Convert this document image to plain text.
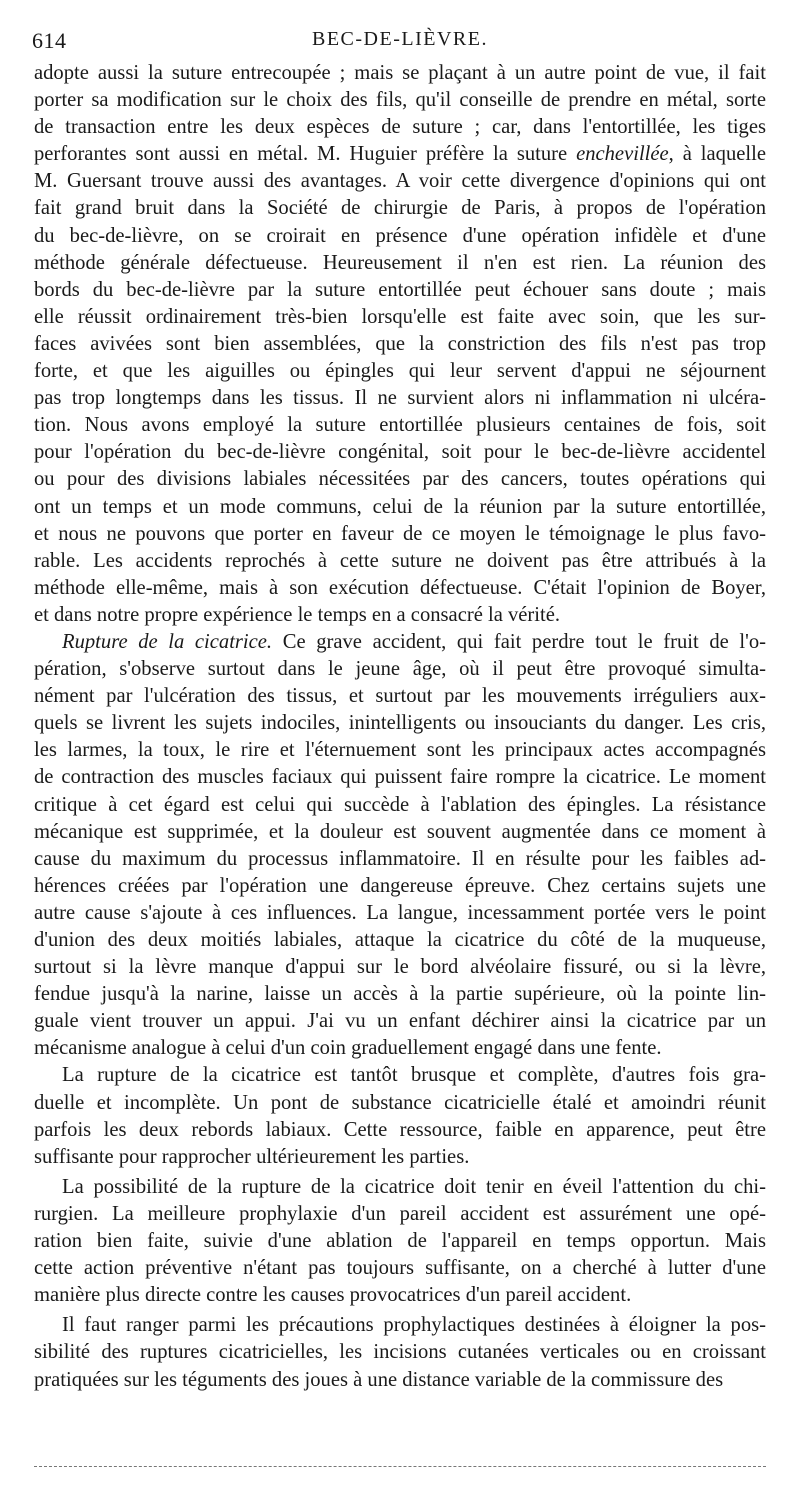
614	BEC-DE-LIÈVRE.
adopte aussi la suture entrecoupée ; mais se plaçant à un autre point de vue, il fait
porter sa modification sur le choix des fils, qu'il conseille de prendre en métal, sorte
de transaction entre les deux espèces de suture ; car, dans l'entortillée, les tiges
perforantes sont aussi en métal. M. Huguier préfère la suture enchevillée, à laquelle
M. Guersant trouve aussi des avantages. A voir cette divergence d'opinions qui ont
fait grand bruit dans la Société de chirurgie de Paris, à propos de l'opération
du bec-de-lièvre, on se croirait en présence d'une opération infidèle et d'une
méthode générale défectueuse. Heureusement il n'en est rien. La réunion des
bords du bec-de-lièvre par la suture entortillée peut échouer sans doute ; mais
elle réussit ordinairement très-bien lorsqu'elle est faite avec soin, que les sur-
faces avivées sont bien assemblées, que la constriction des fils n'est pas trop
forte, et que les aiguilles ou épingles qui leur servent d'appui ne séjournent
pas trop longtemps dans les tissus. Il ne survient alors ni inflammation ni ulcéra-
tion. Nous avons employé la suture entortillée plusieurs centaines de fois, soit
pour l'opération du bec-de-lièvre congénital, soit pour le bec-de-lièvre accidentel
ou pour des divisions labiales nécessitées par des cancers, toutes opérations qui
ont un temps et un mode communs, celui de la réunion par la suture entortillée,
et nous ne pouvons que porter en faveur de ce moyen le témoignage le plus favo-
rable. Les accidents reprochés à cette suture ne doivent pas être attribués à la
méthode elle-même, mais à son exécution défectueuse. C'était l'opinion de Boyer,
et dans notre propre expérience le temps en a consacré la vérité.
Rupture de la cicatrice. Ce grave accident, qui fait perdre tout le fruit de l'o-
pération, s'observe surtout dans le jeune âge, où il peut être provoqué simulta-
nément par l'ulcération des tissus, et surtout par les mouvements irréguliers aux-
quels se livrent les sujets indociles, inintelligents ou insouciants du danger. Les cris,
les larmes, la toux, le rire et l'éternuement sont les principaux actes accompagnés
de contraction des muscles faciaux qui puissent faire rompre la cicatrice. Le moment
critique à cet égard est celui qui succède à l'ablation des épingles. La résistance
mécanique est supprimée, et la douleur est souvent augmentée dans ce moment à
cause du maximum du processus inflammatoire. Il en résulte pour les faibles ad-
hérences créées par l'opération une dangereuse épreuve. Chez certains sujets une
autre cause s'ajoute à ces influences. La langue, incessamment portée vers le point
d'union des deux moitiés labiales, attaque la cicatrice du côté de la muqueuse,
surtout si la lèvre manque d'appui sur le bord alvéolaire fissuré, ou si la lèvre,
fendue jusqu'à la narine, laisse un accès à la partie supérieure, où la pointe lin-
guale vient trouver un appui. J'ai vu un enfant déchirer ainsi la cicatrice par un
mécanisme analogue à celui d'un coin graduellement engagé dans une fente.
La rupture de la cicatrice est tantôt brusque et complète, d'autres fois gra-
duelle et incomplète. Un pont de substance cicatricielle étalé et amoindri réunit
parfois les deux rebords labiaux. Cette ressource, faible en apparence, peut être
suffisante pour rapprocher ultérieurement les parties.
La possibilité de la rupture de la cicatrice doit tenir en éveil l'attention du chi-
rurgien. La meilleure prophylaxie d'un pareil accident est assurément une opé-
ration bien faite, suivie d'une ablation de l'appareil en temps opportun. Mais
cette action préventive n'étant pas toujours suffisante, on a cherché à lutter d'une
manière plus directe contre les causes provocatrices d'un pareil accident.
Il faut ranger parmi les précautions prophylactiques destinées à éloigner la pos-
sibilité des ruptures cicatricielles, les incisions cutanées verticales ou en croissant
pratiquées sur les téguments des joues à une distance variable de la commissure des
